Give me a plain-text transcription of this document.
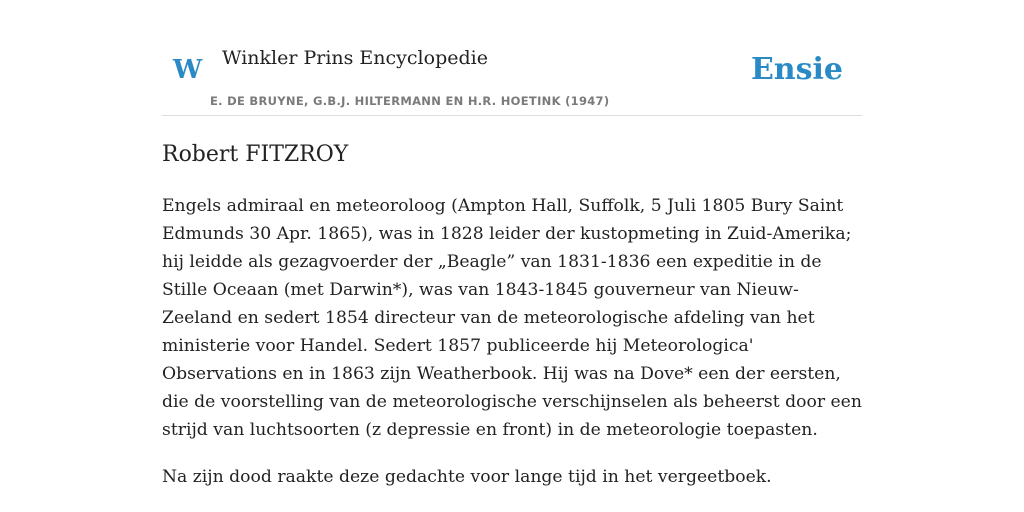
W Winkler Prins Encyclopedie	Ensie
E. DE BRUYNE, G.B.J. HILTERMANN EN H.R. HOETINK (1947)
Robert FITZROY

Engels admiraal en meteoroloog (Ampton Hall, Suffolk, 5 Juli 1805 Bury Saint Edmunds 30 Apr. 1865), was in 1828 leider der kustopmeting in Zuid-Amerika; hij leidde als gezagvoerder der „Beagle” van 1831-1836 een expeditie in de Stille Oceaan (met Darwin*), was van 1843-1845 gouverneur van Nieuw-Zeeland en sedert 1854 directeur van de meteorologische afdeling van het ministerie voor Handel. Sedert 1857 publiceerde hij Meteorologica' Observations en in 1863 zijn Weatherbook. Hij was na Dove* een der eersten, die de voorstelling van de meteorologische verschijnselen als beheerst door een strijd van luchtsoorten (z depressie en front) in de meteorologie toepasten.

Na zijn dood raakte deze gedachte voor lange tijd in het vergeetboek.
